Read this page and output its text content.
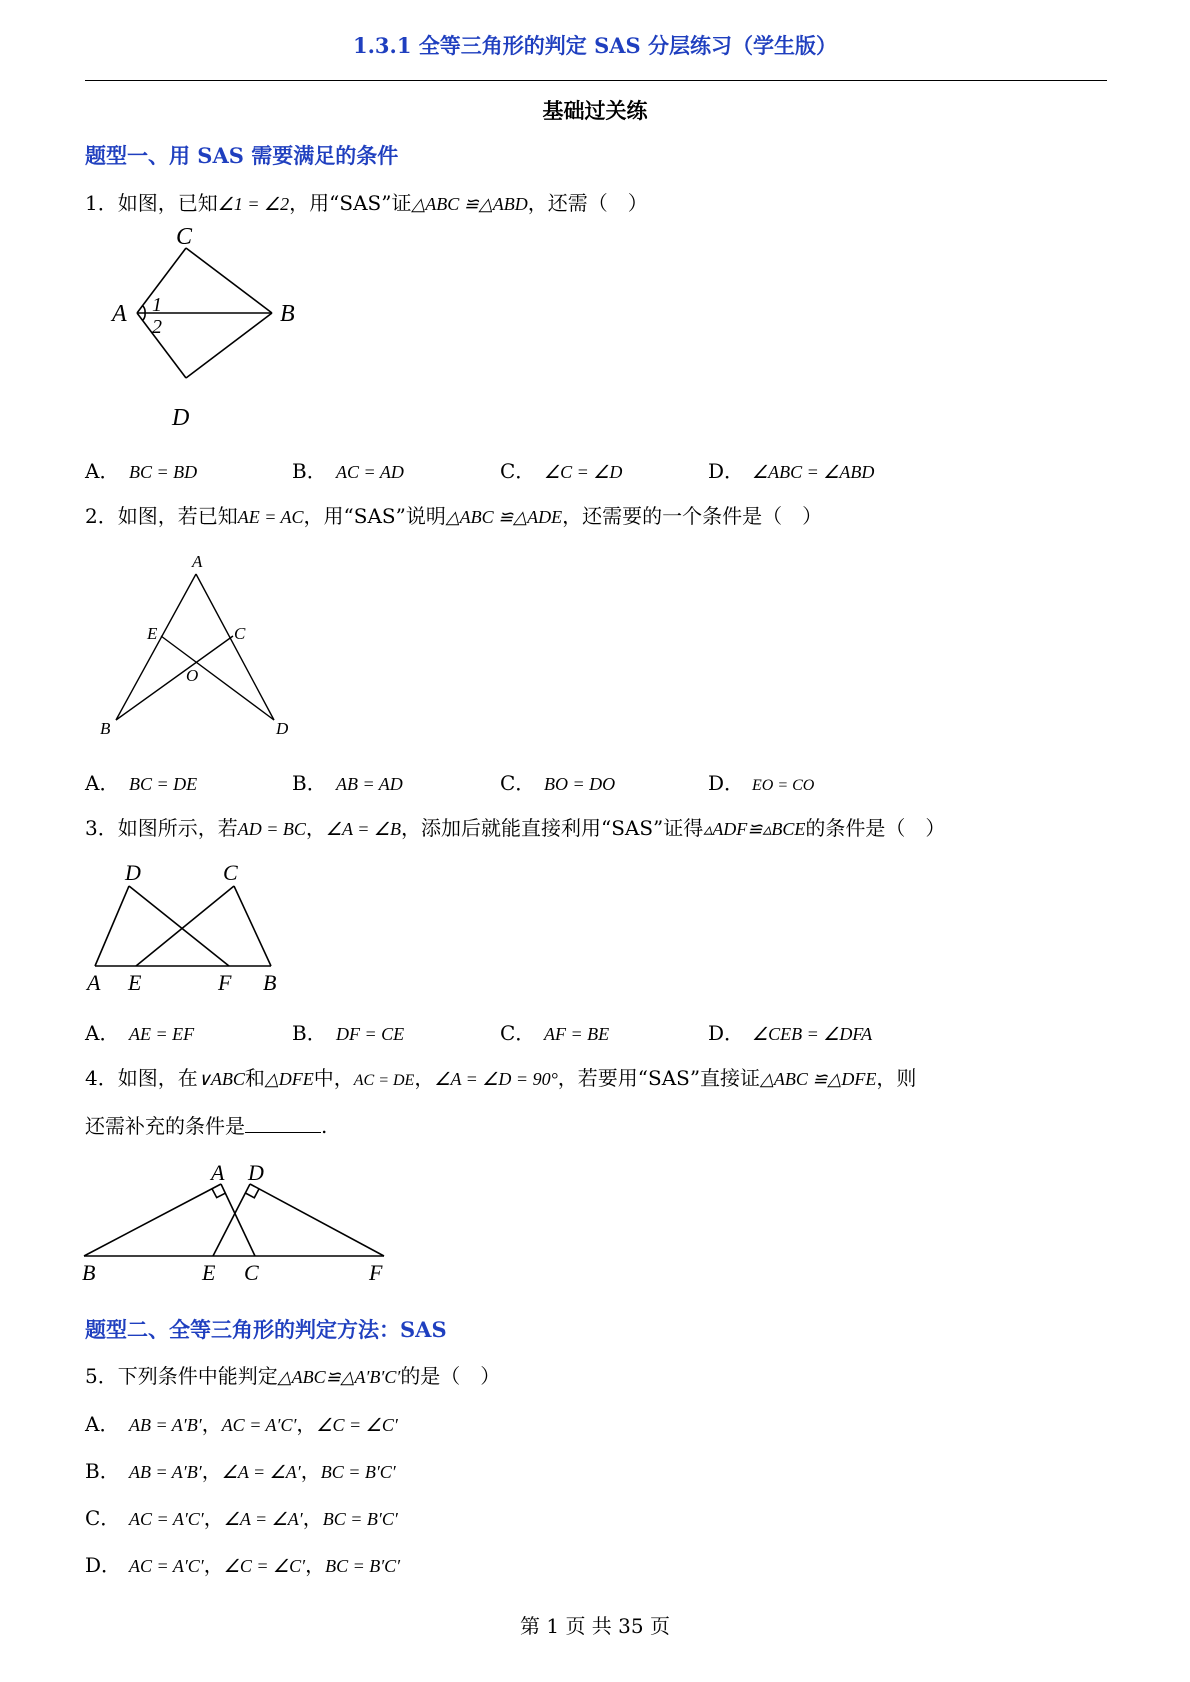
1.3.1 全等三角形的判定 SAS 分层练习（学生版）
基础过关练
题型一、用 SAS 需要满足的条件
1．如图，已知∠1 = ∠2，用“SAS”证△ABC ≌△ABD，还需（　）
C
A	B
D
1
2
A． BC = BD	B． AC = AD	C． ∠C = ∠D	D． ∠ABC = ∠ABD
2．如图，若已知AE = AC，用“SAS”说明△ABC ≌△ADE，还需要的一个条件是（　）
A
E	C
O
B	D
A． BC = DE	B． AB = AD	C． BO = DO	D． EO = CO
3．如图所示，若AD = BC，∠A = ∠B，添加后就能直接利用“SAS”证得▵ADF≌▵BCE的条件是（　）
D	C
A E	F B
A． AE = EF	B． DF = CE	C． AF = BE	D． ∠CEB = ∠DFA
4．如图，在∨ABC和△DFE中，AC = DE，∠A = ∠D = 90°，若要用“SAS”直接证△ABC ≌△DFE，则
还需补充的条件是	.
A D
B	E C	F
题型二、全等三角形的判定方法：SAS
5．下列条件中能判定△ABC≌△A′B′C′的是（　）
A． AB = A′B′，AC = A′C′，∠C = ∠C′
B． AB = A′B′，∠A = ∠A′，BC = B′C′
C． AC = A′C′，∠A = ∠A′，BC = B′C′
D． AC = A′C′，∠C = ∠C′，BC = B′C′
第 1 页 共 35 页
